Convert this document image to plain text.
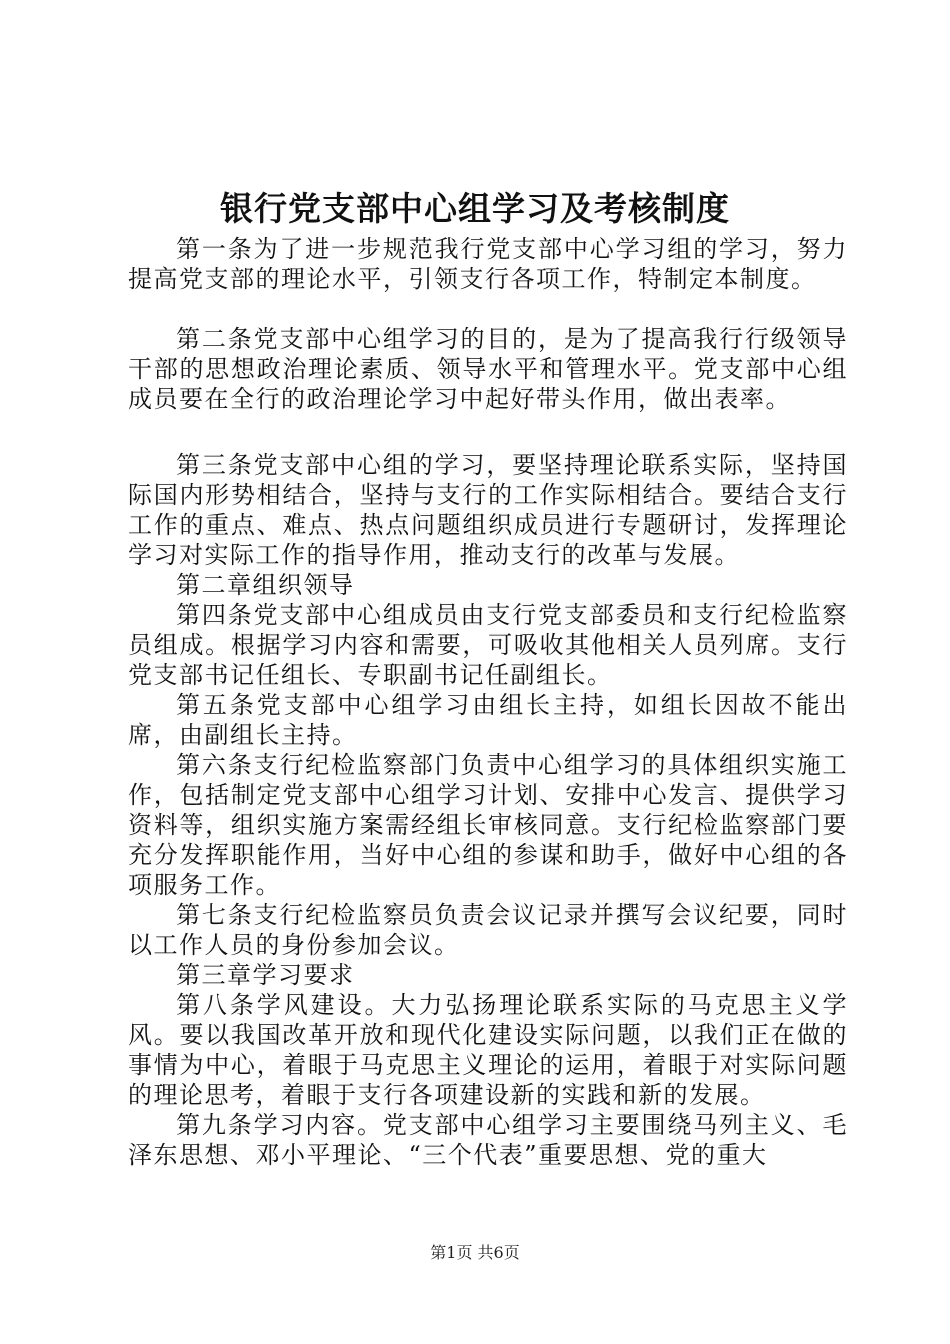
银行党支部中心组学习及考核制度

第一条为了进一步规范我行党支部中心学习组的学习，努力提高党支部的理论水平，引领支行各项工作，特制定本制度。

第二条党支部中心组学习的目的，是为了提高我行行级领导干部的思想政治理论素质、领导水平和管理水平。党支部中心组成员要在全行的政治理论学习中起好带头作用，做出表率。

第三条党支部中心组的学习，要坚持理论联系实际，坚持国际国内形势相结合，坚持与支行的工作实际相结合。要结合支行工作的重点、难点、热点问题组织成员进行专题研讨，发挥理论学习对实际工作的指导作用，推动支行的改革与发展。

第二章组织领导

第四条党支部中心组成员由支行党支部委员和支行纪检监察员组成。根据学习内容和需要，可吸收其他相关人员列席。支行党支部书记任组长、专职副书记任副组长。

第五条党支部中心组学习由组长主持，如组长因故不能出席，由副组长主持。

第六条支行纪检监察部门负责中心组学习的具体组织实施工作，包括制定党支部中心组学习计划、安排中心发言、提供学习资料等，组织实施方案需经组长审核同意。支行纪检监察部门要充分发挥职能作用，当好中心组的参谋和助手，做好中心组的各项服务工作。

第七条支行纪检监察员负责会议记录并撰写会议纪要，同时以工作人员的身份参加会议。

第三章学习要求

第八条学风建设。大力弘扬理论联系实际的马克思主义学风。要以我国改革开放和现代化建设实际问题，以我们正在做的事情为中心，着眼于马克思主义理论的运用，着眼于对实际问题的理论思考，着眼于支行各项建设新的实践和新的发展。

第九条学习内容。党支部中心组学习主要围绕马列主义、毛泽东思想、邓小平理论、“三个代表”重要思想、党的重大

第1页 共6页
